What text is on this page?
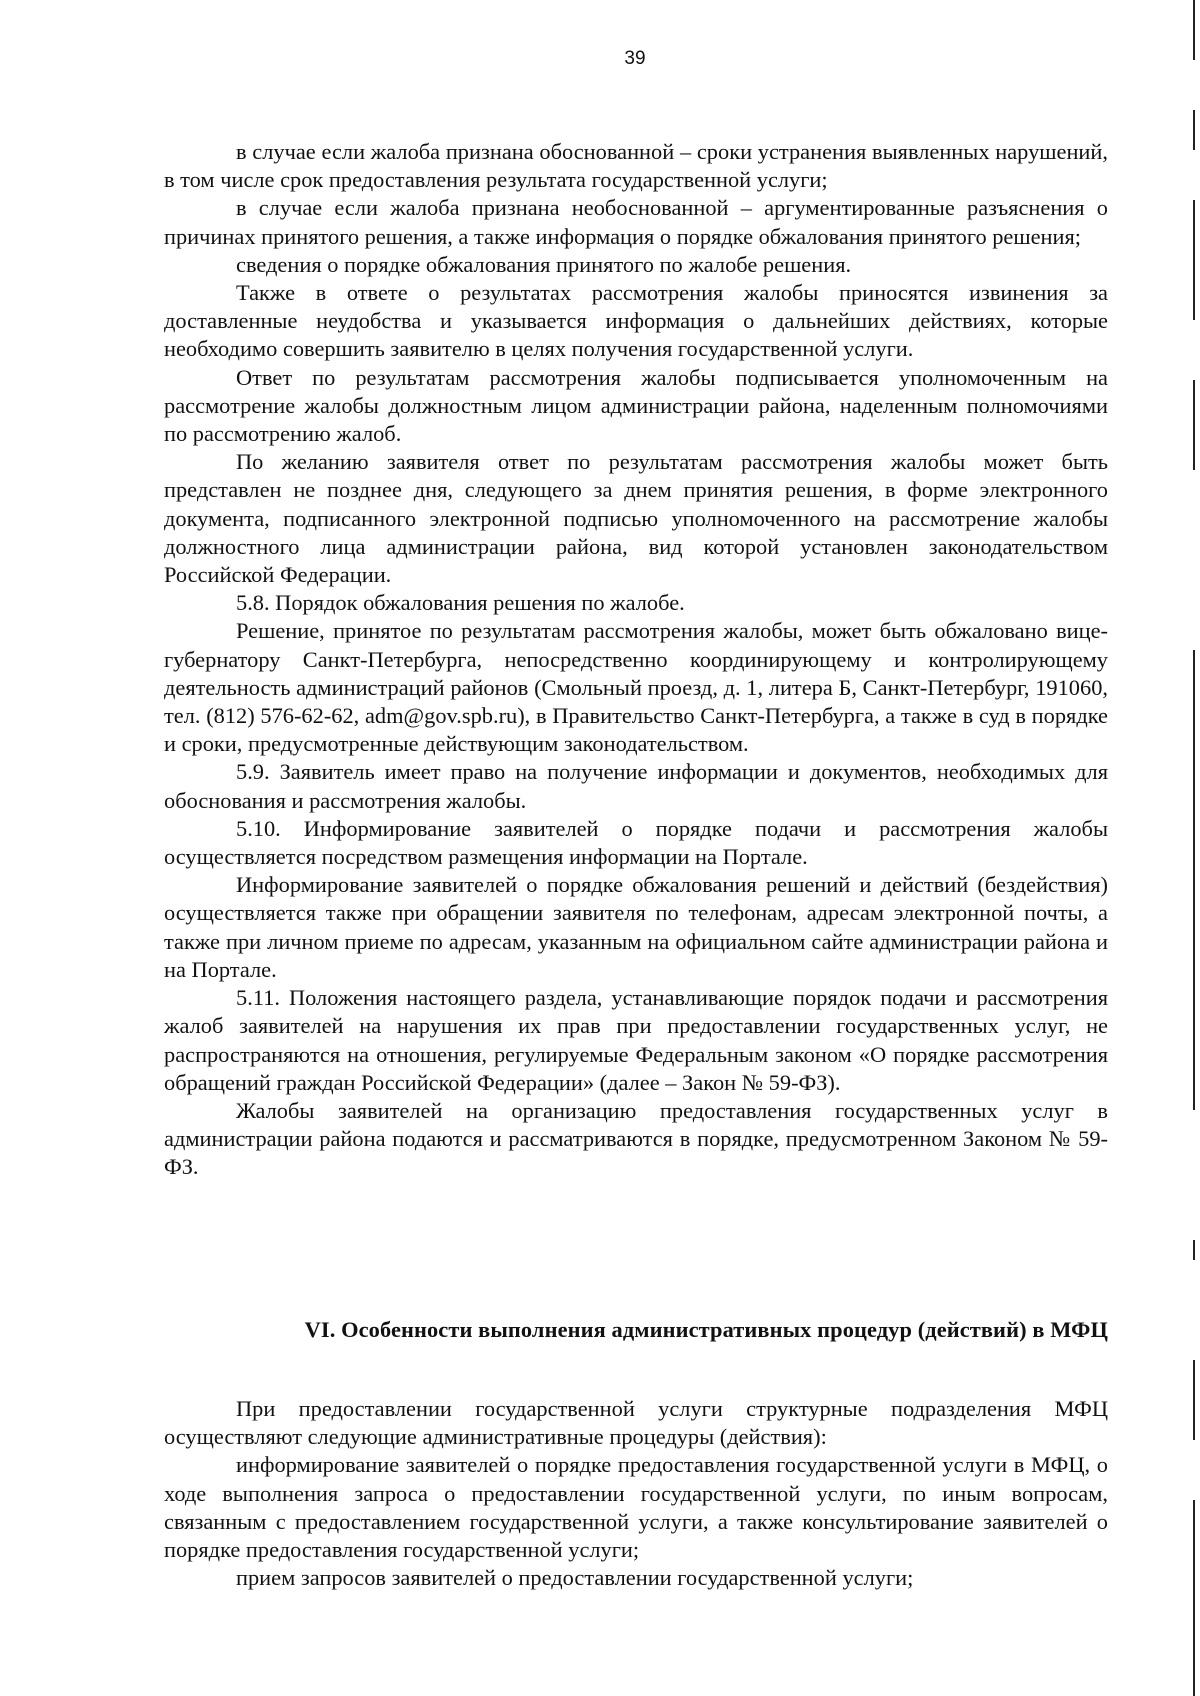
39

в случае если жалоба признана обоснованной – сроки устранения выявленных нарушений, в том числе срок предоставления результата государственной услуги;

в случае если жалоба признана необоснованной – аргументированные разъяснения о причинах принятого решения, а также информация о порядке обжалования принятого решения;

сведения о порядке обжалования принятого по жалобе решения.

Также в ответе о результатах рассмотрения жалобы приносятся извинения за доставленные неудобства и указывается информация о дальнейших действиях, которые необходимо совершить заявителю в целях получения государственной услуги.

Ответ по результатам рассмотрения жалобы подписывается уполномоченным на рассмотрение жалобы должностным лицом администрации района, наделенным полномочиями по рассмотрению жалоб.

По желанию заявителя ответ по результатам рассмотрения жалобы может быть представлен не позднее дня, следующего за днем принятия решения, в форме электронного документа, подписанного электронной подписью уполномоченного на рассмотрение жалобы должностного лица администрации района, вид которой установлен законодательством Российской Федерации.

5.8. Порядок обжалования решения по жалобе.

Решение, принятое по результатам рассмотрения жалобы, может быть обжаловано вице-губернатору Санкт-Петербурга, непосредственно координирующему и контролирующему деятельность администраций районов (Смольный проезд, д. 1, литера Б, Санкт-Петербург, 191060, тел. (812) 576-62-62, adm@gov.spb.ru), в Правительство Санкт-Петербурга, а также в суд в порядке и сроки, предусмотренные действующим законодательством.

5.9. Заявитель имеет право на получение информации и документов, необходимых для обоснования и рассмотрения жалобы.

5.10. Информирование заявителей о порядке подачи и рассмотрения жалобы осуществляется посредством размещения информации на Портале.

Информирование заявителей о порядке обжалования решений и действий (бездействия) осуществляется также при обращении заявителя по телефонам, адресам электронной почты, а также при личном приеме по адресам, указанным на официальном сайте администрации района и на Портале.

5.11. Положения настоящего раздела, устанавливающие порядок подачи и рассмотрения жалоб заявителей на нарушения их прав при предоставлении государственных услуг, не распространяются на отношения, регулируемые Федеральным законом «О порядке рассмотрения обращений граждан Российской Федерации» (далее – Закон № 59-ФЗ).

Жалобы заявителей на организацию предоставления государственных услуг в администрации района подаются и рассматриваются в порядке, предусмотренном Законом № 59-ФЗ.

VI. Особенности выполнения административных процедур (действий) в МФЦ

При предоставлении государственной услуги структурные подразделения МФЦ осуществляют следующие административные процедуры (действия):

информирование заявителей о порядке предоставления государственной услуги в МФЦ, о ходе выполнения запроса о предоставлении государственной услуги, по иным вопросам, связанным с предоставлением государственной услуги, а также консультирование заявителей о порядке предоставления государственной услуги;

прием запросов заявителей о предоставлении государственной услуги;
